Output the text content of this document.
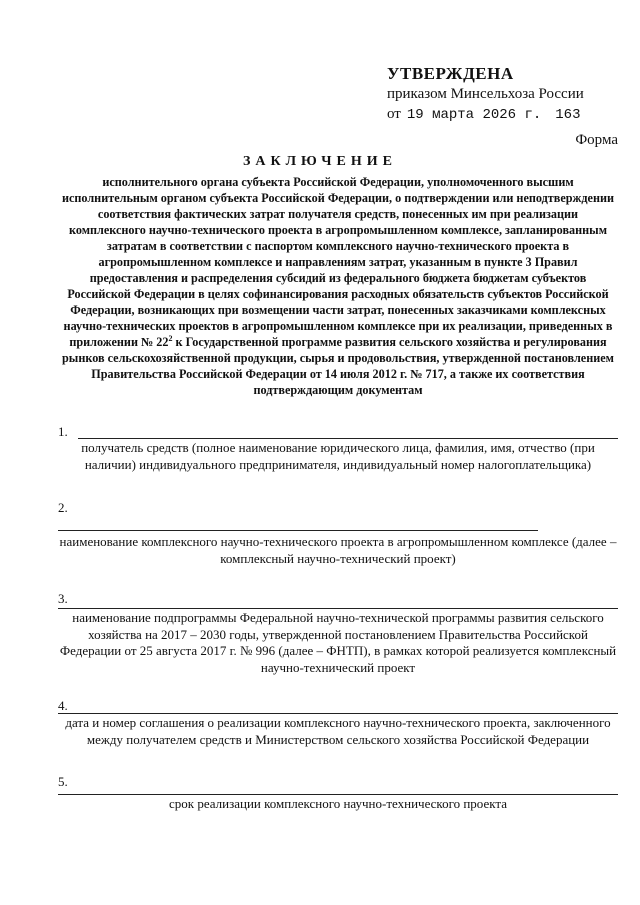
УТВЕРЖДЕНА
приказом Минсельхоза России
от 19 марта 2026 г. 163
Форма
ЗАКЛЮЧЕНИЕ
исполнительного органа субъекта Российской Федерации, уполномоченного высшим исполнительным органом субъекта Российской Федерации, о подтверждении или неподтверждении соответствия фактических затрат получателя средств, понесенных им при реализации комплексного научно-технического проекта в агропромышленном комплексе, запланированным затратам в соответствии с паспортом комплексного научно-технического проекта в агропромышленном комплексе и направлениям затрат, указанным в пункте 3 Правил предоставления и распределения субсидий из федерального бюджета бюджетам субъектов Российской Федерации в целях софинансирования расходных обязательств субъектов Российской Федерации, возникающих при возмещении части затрат, понесенных заказчиками комплексных научно-технических проектов в агропромышленном комплексе при их реализации, приведенных в приложении № $22^2$ к Государственной программе развития сельского хозяйства и регулирования рынков сельскохозяйственной продукции, сырья и продовольствия, утвержденной постановлением Правительства Российской Федерации от 14 июля 2012 г. № 717, а также их соответствия подтверждающим документам
1.
получатель средств (полное наименование юридического лица, фамилия, имя, отчество (при наличии) индивидуального предпринимателя, индивидуальный номер налогоплательщика)
2.
наименование комплексного научно-технического проекта в агропромышленном комплексе (далее – комплексный научно-технический проект)
3.
наименование подпрограммы Федеральной научно-технической программы развития сельского хозяйства на 2017 – 2030 годы, утвержденной постановлением Правительства Российской Федерации от 25 августа 2017 г. № 996 (далее – ФНТП), в рамках которой реализуется комплексный научно-технический проект
4.
дата и номер соглашения о реализации комплексного научно-технического проекта, заключенного между получателем средств и Министерством сельского хозяйства Российской Федерации
5.
срок реализации комплексного научно-технического проекта
